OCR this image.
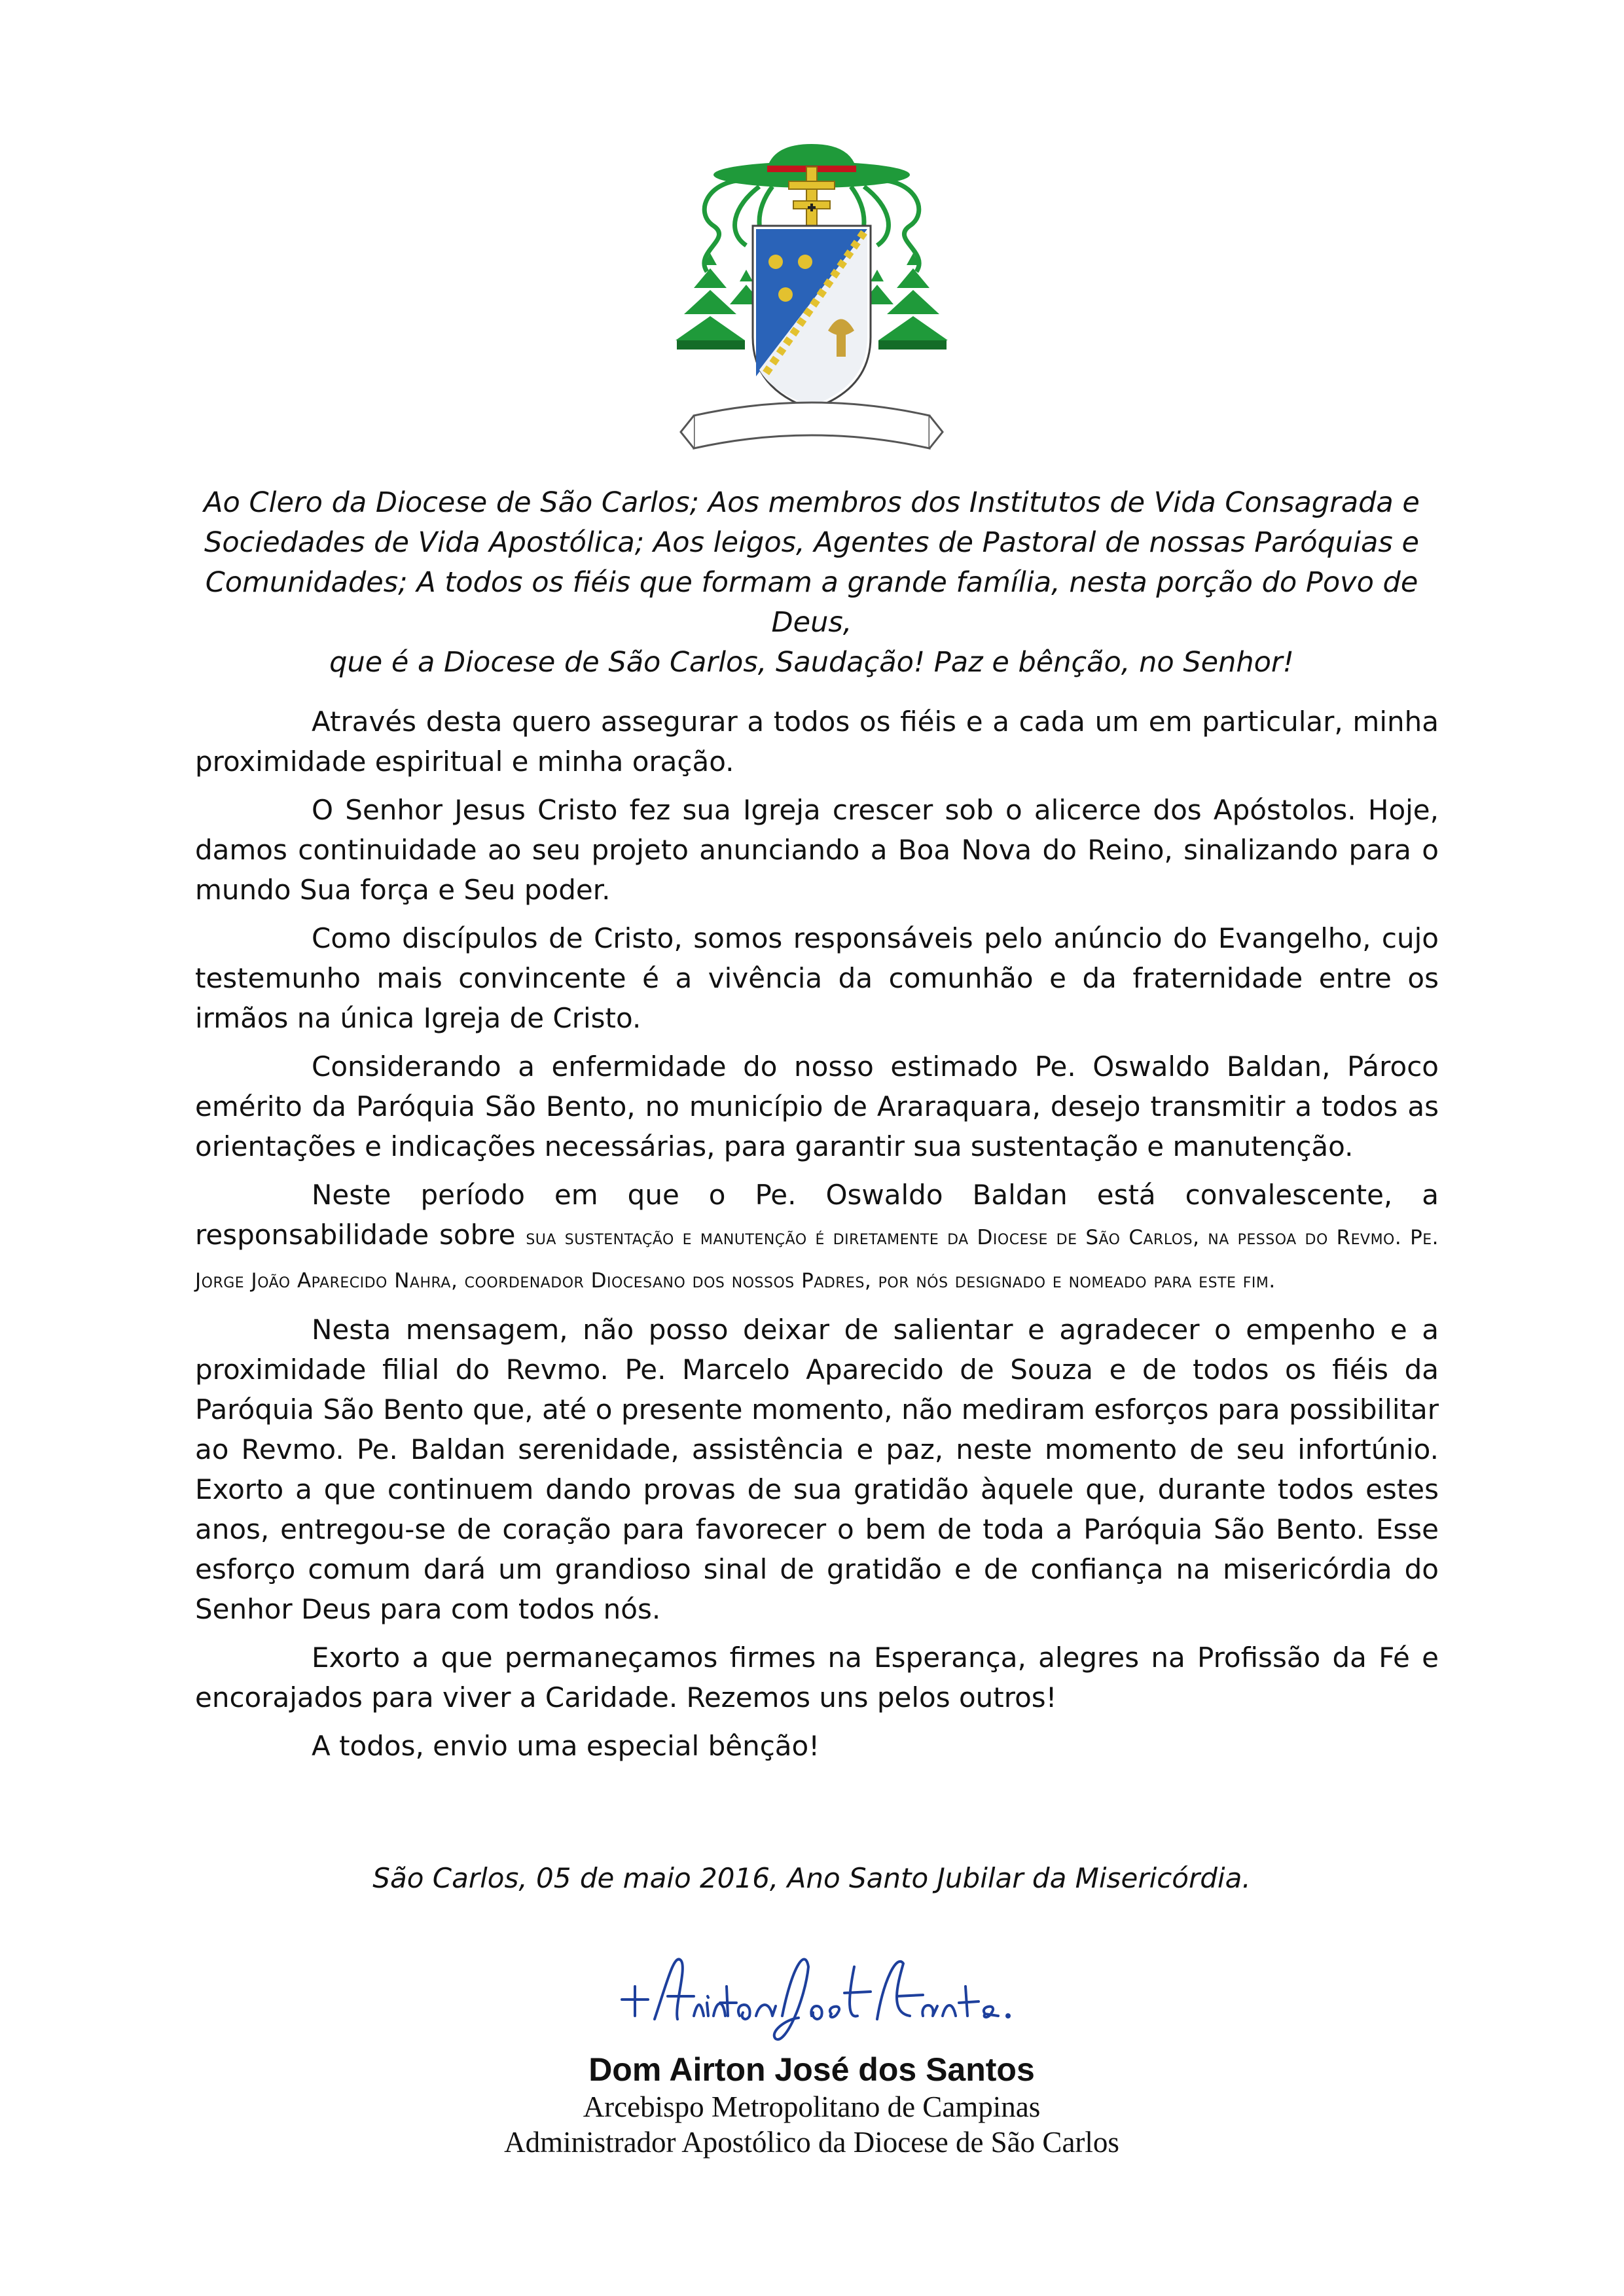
Ao Clero da Diocese de São Carlos; Aos membros dos Institutos de Vida Consagrada e
Sociedades de Vida Apostólica; Aos leigos, Agentes de Pastoral de nossas Paróquias e
Comunidades; A todos os fiéis que formam a grande família, nesta porção do Povo de Deus,
que é a Diocese de São Carlos, Saudação! Paz e bênção, no Senhor!

Através desta quero assegurar a todos os fiéis e a cada um em particular, minha proximidade espiritual e minha oração.

O Senhor Jesus Cristo fez sua Igreja crescer sob o alicerce dos Apóstolos. Hoje, damos continuidade ao seu projeto anunciando a Boa Nova do Reino, sinalizando para o mundo Sua força e Seu poder.

Como discípulos de Cristo, somos responsáveis pelo anúncio do Evangelho, cujo testemunho mais convincente é a vivência da comunhão e da fraternidade entre os irmãos na única Igreja de Cristo.

Considerando a enfermidade do nosso estimado Pe. Oswaldo Baldan, Pároco emérito da Paróquia São Bento, no município de Araraquara, desejo transmitir a todos as orientações e indicações necessárias, para garantir sua sustentação e manutenção.

Neste período em que o Pe. Oswaldo Baldan está convalescente, a responsabilidade sobre sua sustentação e manutenção é diretamente da Diocese de São Carlos, na pessoa do Revmo. Pe. Jorge João Aparecido Nahra, coordenador Diocesano dos nossos Padres, por nós designado e nomeado para este fim.

Nesta mensagem, não posso deixar de salientar e agradecer o empenho e a proximidade filial do Revmo. Pe. Marcelo Aparecido de Souza e de todos os fiéis da Paróquia São Bento que, até o presente momento, não mediram esforços para possibilitar ao Revmo. Pe. Baldan serenidade, assistência e paz, neste momento de seu infortúnio. Exorto a que continuem dando provas de sua gratidão àquele que, durante todos estes anos, entregou-se de coração para favorecer o bem de toda a Paróquia São Bento. Esse esforço comum dará um grandioso sinal de gratidão e de confiança na misericórdia do Senhor Deus para com todos nós.

Exorto a que permaneçamos firmes na Esperança, alegres na Profissão da Fé e encorajados para viver a Caridade. Rezemos uns pelos outros!

A todos, envio uma especial bênção!

São Carlos, 05 de maio 2016, Ano Santo Jubilar da Misericórdia.
Dom Airton José dos Santos
Arcebispo Metropolitano de Campinas
Administrador Apostólico da Diocese de São Carlos
